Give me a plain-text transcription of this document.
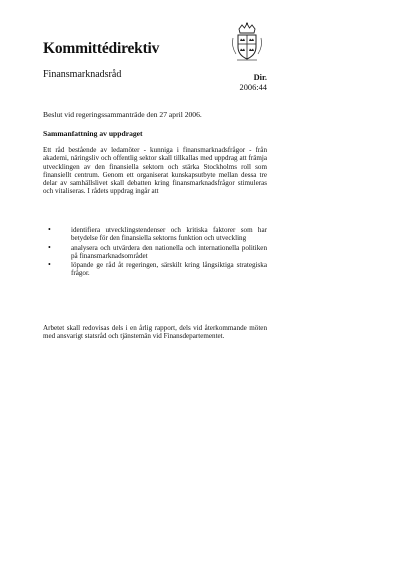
Kommittédirektiv
Finansmarknadsråd	Dir.
2006:44
Beslut vid regeringssammanträde den 27 april 2006.
Sammanfattning av uppdraget

Ett råd bestående av ledamöter - kunniga i finansmarknadsfrågor - från akademi, näringsliv och offentlig sektor skall tillkallas med uppdrag att främja utvecklingen av den finansiella sektorn och stärka Stockholms roll som finansiellt centrum. Genom ett organiserat kunskapsutbyte mellan dessa tre delar av samhällslivet skall debatten kring finansmarknadsfrågor stimuleras och vitaliseras. I rådets uppdrag ingår att

•	identifiera utvecklingstendenser och kritiska faktorer som har betydelse för den finansiella sektorns funktion och utveckling
•	analysera och utvärdera den nationella och internationella politiken på finansmarknadsområdet
•	löpande ge råd åt regeringen, särskilt kring långsiktiga strategiska frågor.

Arbetet skall redovisas dels i en årlig rapport, dels vid återkommande möten med ansvarigt statsråd och tjänstemän vid Finansdepartementet.
